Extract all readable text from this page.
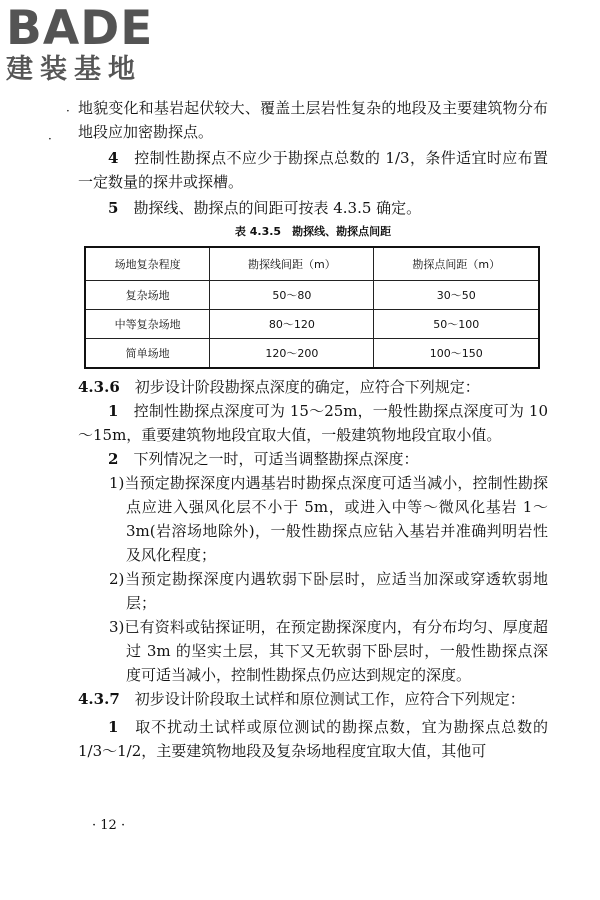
BADE
建装基地
·
·

地貌变化和基岩起伏较大、覆盖土层岩性复杂的地段及主要建筑物分布地段应加密勘探点。

4　 控制性勘探点不应少于勘探点总数的 1/3，条件适宜时应布置一定数量的探井或探槽。

5　 勘探线、勘探点的间距可按表 4.3.5 确定。

表 4.3.5　勘探线、勘探点间距
场地复杂程度	勘探线间距（m）	勘探点间距（m）
复杂场地	50～80	30～50
中等复杂场地	80～120	50～100
简单场地	120～200	100～150

4.3.6　 初步设计阶段勘探点深度的确定，应符合下列规定：

1　 控制性勘探点深度可为 15～25m，一般性勘探点深度可为 10～15m，重要建筑物地段宜取大值，一般建筑物地段宜取小值。

2　 下列情况之一时，可适当调整勘探点深度：

1)当预定勘探深度内遇基岩时勘探点深度可适当减小，控制性勘探点应进入强风化层不小于 5m，或进入中等～微风化基岩 1～3m(岩溶场地除外)，一般性勘探点应钻入基岩并准确判明岩性及风化程度；

2)当预定勘探深度内遇软弱下卧层时，应适当加深或穿透软弱地层；

3)已有资料或钻探证明，在预定勘探深度内，有分布均匀、厚度超过 3m 的坚实土层，其下又无软弱下卧层时，一般性勘探点深度可适当减小，控制性勘探点仍应达到规定的深度。

4.3.7　 初步设计阶段取土试样和原位测试工作，应符合下列规定：

1　 取不扰动土试样或原位测试的勘探点数，宜为勘探点总数的 1/3～1/2，主要建筑物地段及复杂场地程度宜取大值，其他可

· 12 ·
